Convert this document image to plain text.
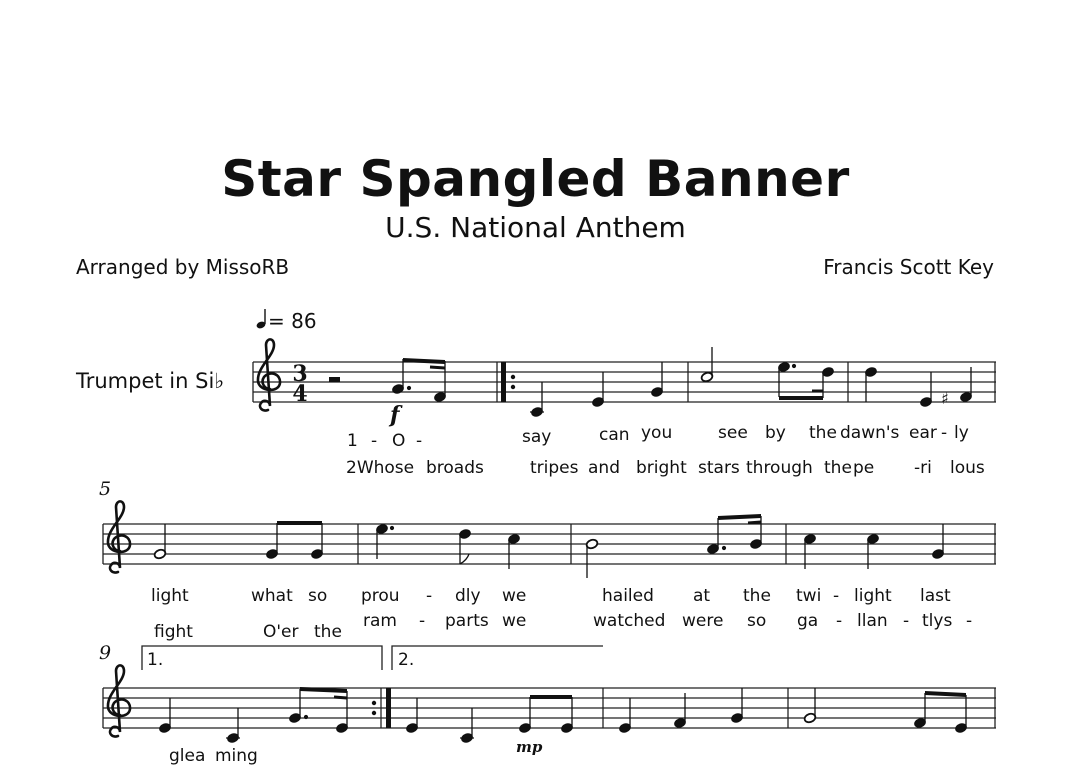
Star Spangled Banner
U.S. National Anthem
Arranged by MissoRB	Francis Scott Key
Trumpet in Si♭
= 86
3
4	♯
f
mp
5
9 1.	2.
1 - O -	say	can you	see by the dawn's ear - ly
2Whose broads	tripes and bright stars through the pe -ri lous
light	what so prou - dly we	hailed at the twi - light last
fight	O'er the
ram - parts we	watched were so ga - llan - tlys -
glea ming
